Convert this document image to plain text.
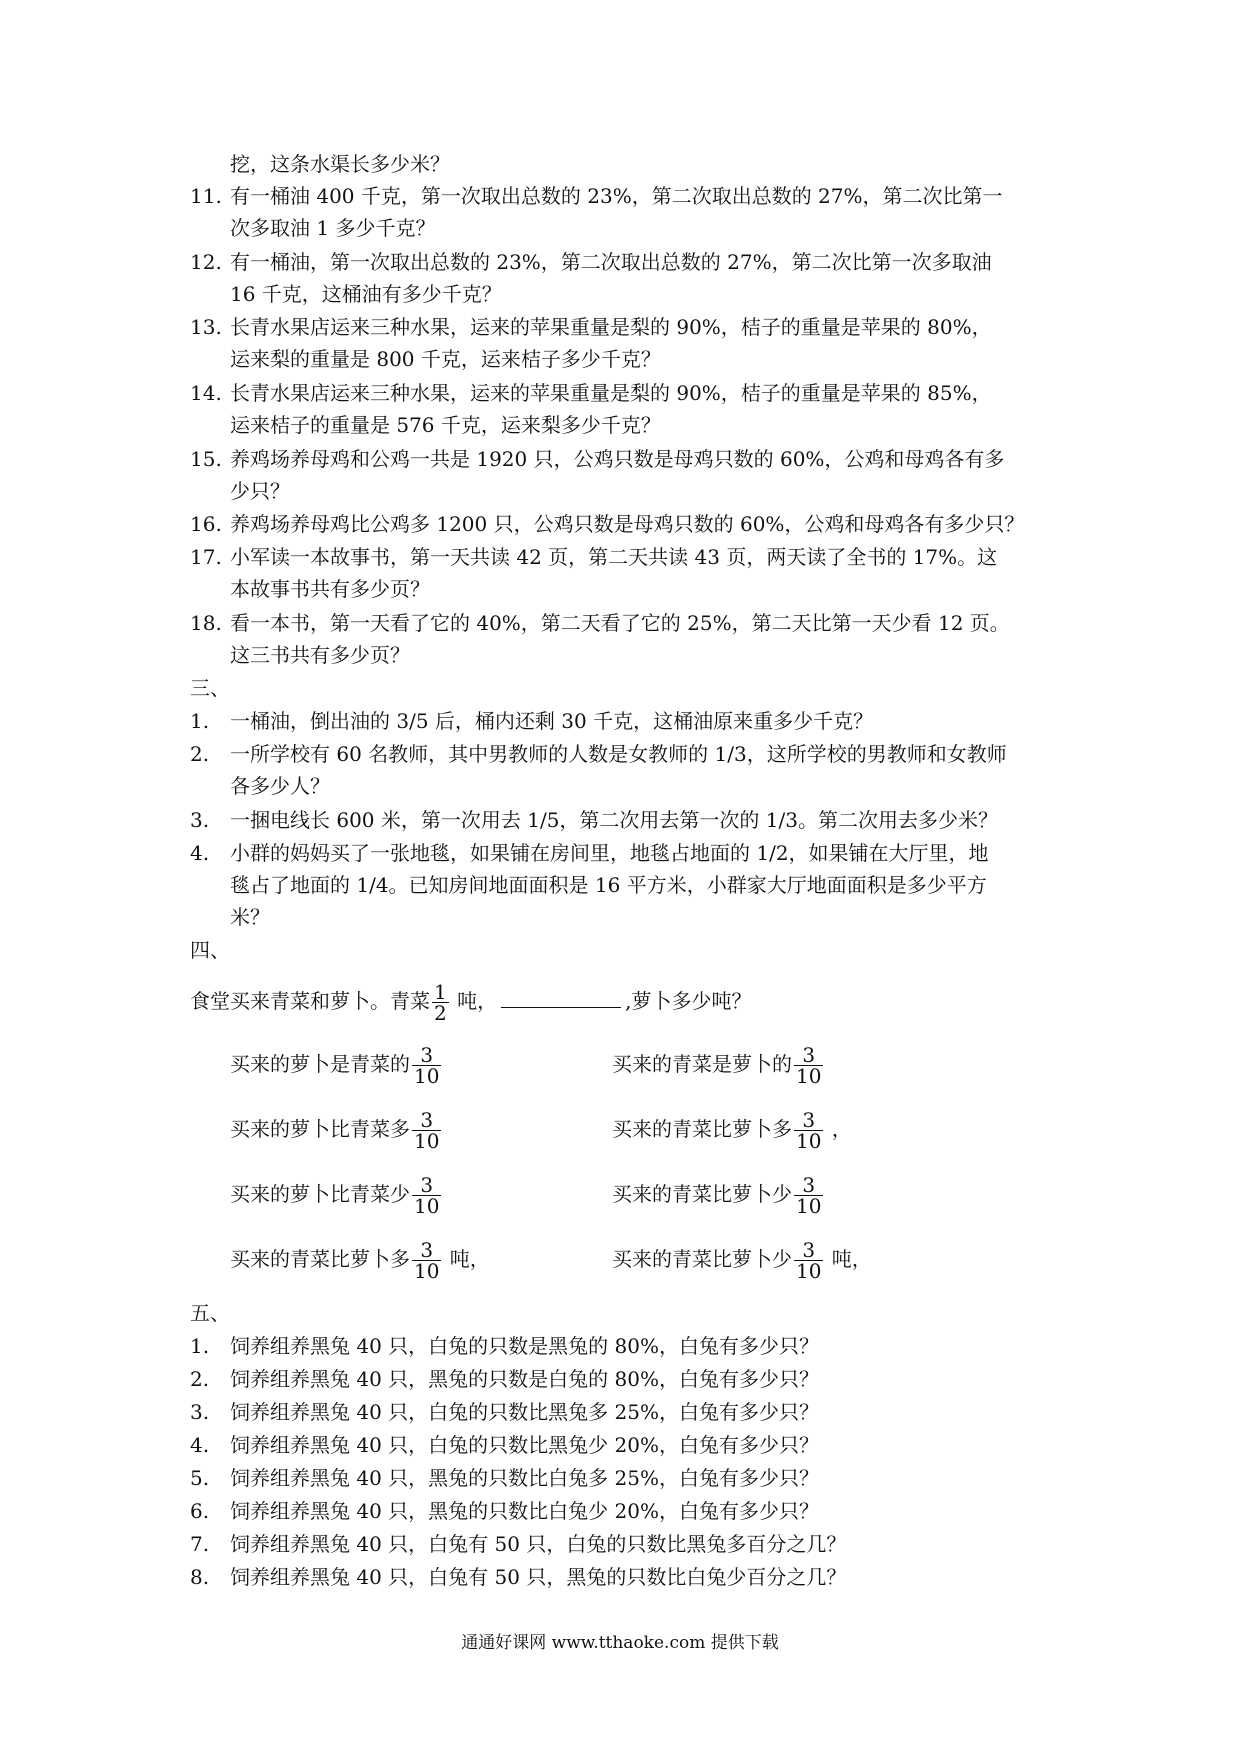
挖，这条水渠长多少米？
11. 有一桶油 400 千克，第一次取出总数的 23%，第二次取出总数的 27%，第二次比第一
次多取油 1 多少千克？
12. 有一桶油，第一次取出总数的 23%，第二次取出总数的 27%，第二次比第一次多取油
16 千克，这桶油有多少千克？
13. 长青水果店运来三种水果，运来的苹果重量是梨的 90%，桔子的重量是苹果的 80%，
运来梨的重量是 800 千克，运来桔子多少千克？
14. 长青水果店运来三种水果，运来的苹果重量是梨的 90%，桔子的重量是苹果的 85%，
运来桔子的重量是 576 千克，运来梨多少千克？
15. 养鸡场养母鸡和公鸡一共是 1920 只，公鸡只数是母鸡只数的 60%，公鸡和母鸡各有多
少只？
16. 养鸡场养母鸡比公鸡多 1200 只，公鸡只数是母鸡只数的 60%，公鸡和母鸡各有多少只？
17. 小军读一本故事书，第一天共读 42 页，第二天共读 43 页，两天读了全书的 17%。这
本故事书共有多少页？
18. 看一本书，第一天看了它的 40%，第二天看了它的 25%，第二天比第一天少看 12 页。
这三书共有多少页？
三、
1. 一桶油，倒出油的 3/5 后，桶内还剩 30 千克，这桶油原来重多少千克？
2. 一所学校有 60 名教师，其中男教师的人数是女教师的 1/3，这所学校的男教师和女教师
各多少人？
3. 一捆电线长 600 米，第一次用去 1/5，第二次用去第一次的 1/3。第二次用去多少米？
4. 小群的妈妈买了一张地毯，如果铺在房间里，地毯占地面的 1/2，如果铺在大厅里，地
毯占了地面的 1/4。已知房间地面面积是 16 平方米，小群家大厅地面面积是多少平方
米？
四、
食堂买来青菜和萝卜。青菜 $\frac{1}{2}$ 吨，	,萝卜多少吨？
买来的萝卜是青菜的 $\frac{3}{10}$	买来的青菜是萝卜的 $\frac{3}{10}$
买来的萝卜比青菜多 $\frac{3}{10}$	买来的青菜比萝卜多 $\frac{3}{10}$ ，
买来的萝卜比青菜少 $\frac{3}{10}$	买来的青菜比萝卜少 $\frac{3}{10}$
买来的青菜比萝卜多 $\frac{3}{10}$ 吨，	买来的青菜比萝卜少 $\frac{3}{10}$ 吨，
五、
1. 饲养组养黑兔 40 只，白兔的只数是黑兔的 80%，白兔有多少只？
2. 饲养组养黑兔 40 只，黑兔的只数是白兔的 80%，白兔有多少只？
3. 饲养组养黑兔 40 只，白兔的只数比黑兔多 25%，白兔有多少只？
4. 饲养组养黑兔 40 只，白兔的只数比黑兔少 20%，白兔有多少只？
5. 饲养组养黑兔 40 只，黑兔的只数比白兔多 25%，白兔有多少只？
6. 饲养组养黑兔 40 只，黑兔的只数比白兔少 20%，白兔有多少只？
7. 饲养组养黑兔 40 只，白兔有 50 只，白兔的只数比黑兔多百分之几？
8. 饲养组养黑兔 40 只，白兔有 50 只，黑兔的只数比白兔少百分之几？
通通好课网 www.tthaoke.com 提供下载
